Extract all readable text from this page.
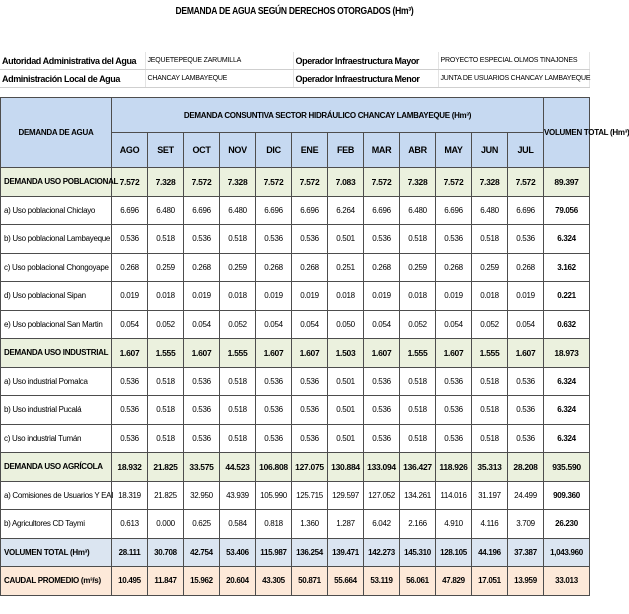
DEMANDA DE AGUA SEGÚN DERECHOS OTORGADOS (Hm³)
Autoridad Administrativa del Agua	JEQUETEPEQUE ZARUMILLA	Operador Infraestructura Mayor	PROYECTO ESPECIAL OLMOS TINAJONES
Administración Local de Agua	CHANCAY LAMBAYEQUE	Operador Infraestructura Menor	JUNTA DE USUARIOS CHANCAY LAMBAYEQUE
DEMANDA DE AGUA	DEMANDA CONSUNTIVA SECTOR HIDRÁULICO CHANCAY LAMBAYEQUE (Hm³)												VOLUMEN TOTAL (Hm³)
	AGO	SET	OCT	NOV	DIC	ENE	FEB	MAR	ABR	MAY	JUN	JUL	
DEMANDA USO POBLACIONAL	7.572	7.328	7.572	7.328	7.572	7.572	7.083	7.572	7.328	7.572	7.328	7.572	89.397
a) Uso poblacional Chiclayo	6.696	6.480	6.696	6.480	6.696	6.696	6.264	6.696	6.480	6.696	6.480	6.696	79.056
b) Uso poblacional Lambayeque	0.536	0.518	0.536	0.518	0.536	0.536	0.501	0.536	0.518	0.536	0.518	0.536	6.324
c) Uso poblacional Chongoyape	0.268	0.259	0.268	0.259	0.268	0.268	0.251	0.268	0.259	0.268	0.259	0.268	3.162
d) Uso poblacional Sipan	0.019	0.018	0.019	0.018	0.019	0.019	0.018	0.019	0.018	0.019	0.018	0.019	0.221
e) Uso poblacional San Martin	0.054	0.052	0.054	0.052	0.054	0.054	0.050	0.054	0.052	0.054	0.052	0.054	0.632
DEMANDA USO INDUSTRIAL	1.607	1.555	1.607	1.555	1.607	1.607	1.503	1.607	1.555	1.607	1.555	1.607	18.973
a) Uso industrial Pomalca	0.536	0.518	0.536	0.518	0.536	0.536	0.501	0.536	0.518	0.536	0.518	0.536	6.324
b) Uso industrial Pucalá	0.536	0.518	0.536	0.518	0.536	0.536	0.501	0.536	0.518	0.536	0.518	0.536	6.324
c) Uso industrial Tumán	0.536	0.518	0.536	0.518	0.536	0.536	0.501	0.536	0.518	0.536	0.518	0.536	6.324
DEMANDA USO AGRÍCOLA	18.932	21.825	33.575	44.523	106.808	127.075	130.884	133.094	136.427	118.926	35.313	28.208	935.590
a) Comisiones de Usuarios Y EAI	18.319	21.825	32.950	43.939	105.990	125.715	129.597	127.052	134.261	114.016	31.197	24.499	909.360
b) Agricultores CD Taymi	0.613	0.000	0.625	0.584	0.818	1.360	1.287	6.042	2.166	4.910	4.116	3.709	26.230
VOLUMEN TOTAL (Hm³)	28.111	30.708	42.754	53.406	115.987	136.254	139.471	142.273	145.310	128.105	44.196	37.387	1,043.960
CAUDAL PROMEDIO (m³/s)	10.495	11.847	15.962	20.604	43.305	50.871	55.664	53.119	56.061	47.829	17.051	13.959	33.013
